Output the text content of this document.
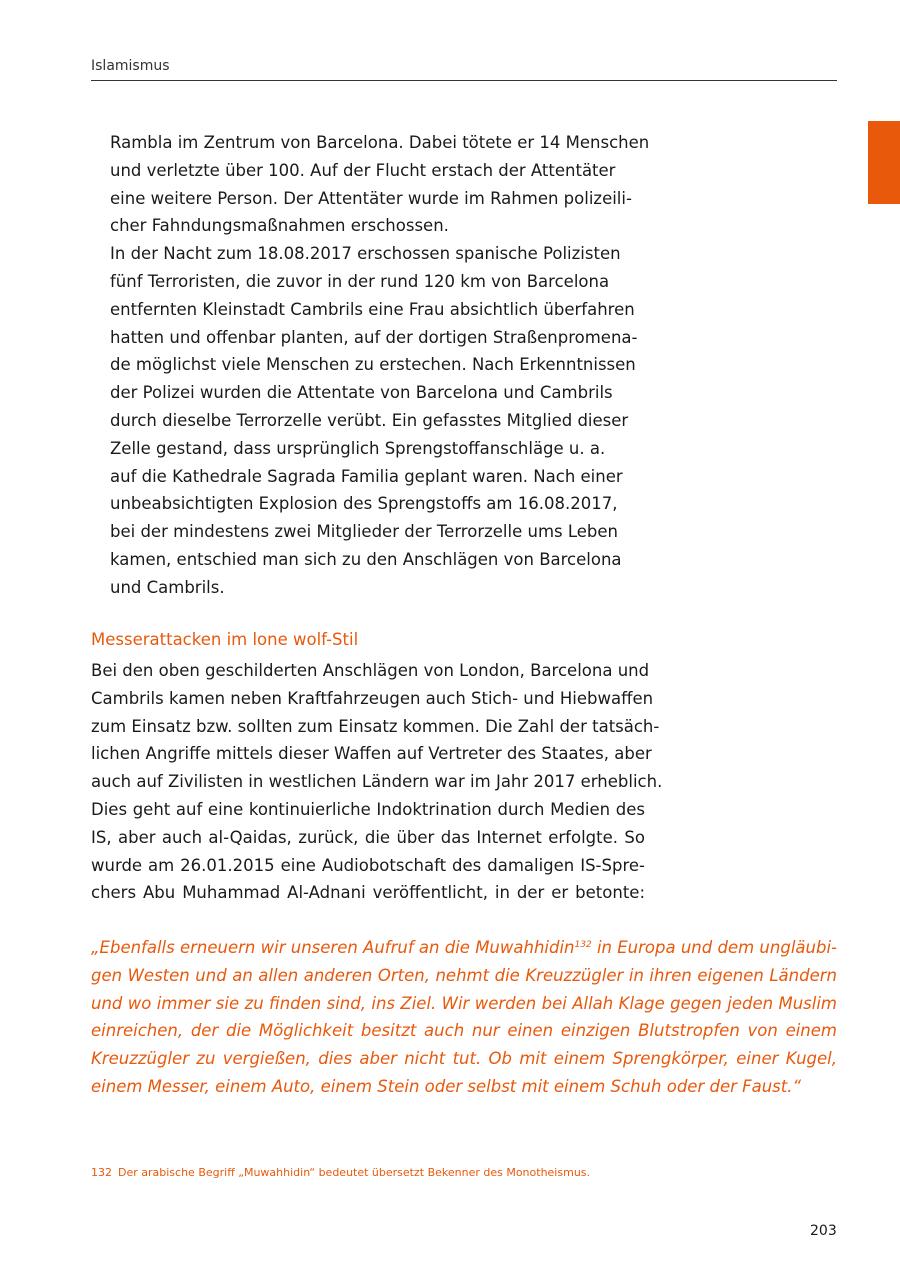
Islamismus
Rambla im Zentrum von Barcelona. Dabei tötete er 14 Menschen
und verletzte über 100. Auf der Flucht erstach der Attentäter
eine weitere Person. Der Attentäter wurde im Rahmen polizeili-
cher Fahndungsmaßnahmen erschossen.
In der Nacht zum 18.08.2017 erschossen spanische Polizisten
fünf Terroristen, die zuvor in der rund 120 km von Barcelona
entfernten Kleinstadt Cambrils eine Frau absichtlich überfahren
hatten und offenbar planten, auf der dortigen Straßenpromena-
de möglichst viele Menschen zu erstechen. Nach Erkenntnissen
der Polizei wurden die Attentate von Barcelona und Cambrils
durch dieselbe Terrorzelle verübt. Ein gefasstes Mitglied dieser
Zelle gestand, dass ursprünglich Sprengstoffanschläge u. a.
auf die Kathedrale Sagrada Familia geplant waren. Nach einer
unbeabsichtigten Explosion des Sprengstoffs am 16.08.2017,
bei der mindestens zwei Mitglieder der Terrorzelle ums Leben
kamen, entschied man sich zu den Anschlägen von Barcelona
und Cambrils.
Messerattacken im lone wolf-Stil
Bei den oben geschilderten Anschlägen von London, Barcelona und
Cambrils kamen neben Kraftfahrzeugen auch Stich- und Hiebwaffen
zum Einsatz bzw. sollten zum Einsatz kommen. Die Zahl der tatsäch-
lichen Angriffe mittels dieser Waffen auf Vertreter des Staates, aber
auch auf Zivilisten in westlichen Ländern war im Jahr 2017 erheblich.
Dies geht auf eine kontinuierliche Indoktrination durch Medien des
IS, aber auch al-Qaidas, zurück, die über das Internet erfolgte. So
wurde am 26.01.2015 eine Audiobotschaft des damaligen IS-Spre-
chers Abu Muhammad Al-Adnani veröffentlicht, in der er betonte:
„Ebenfalls erneuern wir unseren Aufruf an die Muwahhidin$^{132}$ in Europa und dem ungläubi-
gen Westen und an allen anderen Orten, nehmt die Kreuzzügler in ihren eigenen Ländern
und wo immer sie zu finden sind, ins Ziel. Wir werden bei Allah Klage gegen jeden Muslim
einreichen, der die Möglichkeit besitzt auch nur einen einzigen Blutstropfen von einem
Kreuzzügler zu vergießen, dies aber nicht tut. Ob mit einem Sprengkörper, einer Kugel,
einem Messer, einem Auto, einem Stein oder selbst mit einem Schuh oder der Faust.“
132 Der arabische Begriff „Muwahhidin“ bedeutet übersetzt Bekenner des Monotheismus.
203
